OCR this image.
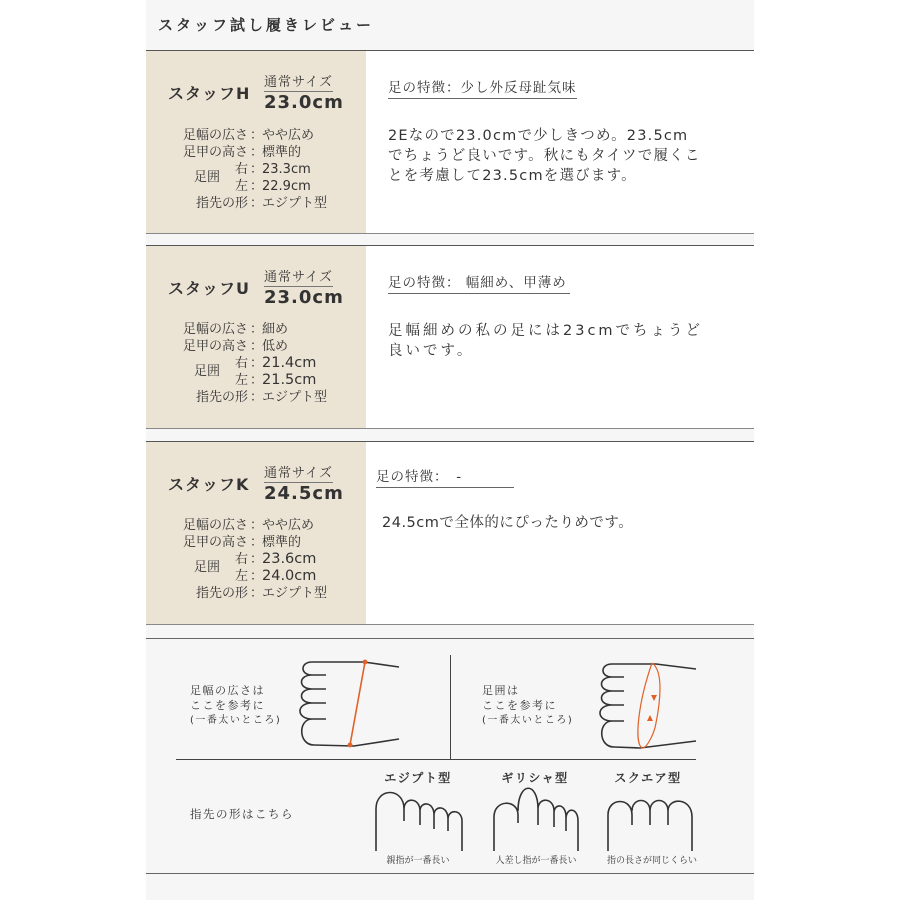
スタッフ試し履きレビュー
スタッフH
通常サイズ
23.0cm
足幅の広さ ：
やや広め
足甲の高さ ：
標準的
足囲
右 ：
23.3cm
左 ：
22.9cm
指先の形 ：
エジプト型
足の特徴：少し外反母趾気味
2Eなので23.0cmで少しきつめ。23.5cm
でちょうど良いです。秋にもタイツで履くこ
とを考慮して23.5cmを選びます。
スタッフU
通常サイズ
23.0cm
足幅の広さ ：
細め
足甲の高さ ：
低め
足囲
右 ：
21.4cm
左 ：
21.5cm
指先の形 ：
エジプト型
足の特徴： 幅細め、甲薄め
足幅細めの私の足には23cmでちょうど
良いです。
スタッフK
通常サイズ
24.5cm
足幅の広さ ：
やや広め
足甲の高さ ：
標準的
足囲
右 ：
23.6cm
左 ：
24.0cm
指先の形 ：
エジプト型
足の特徴：　-
24.5cmで全体的にぴったりめです。
足幅の広さは
ここを参考に
(一番太いところ)
足囲は
ここを参考に
(一番太いところ)
指先の形はこちら
エジプト型
親指が一番長い
ギリシャ型
人差し指が一番長い
スクエア型
指の長さが同じくらい
